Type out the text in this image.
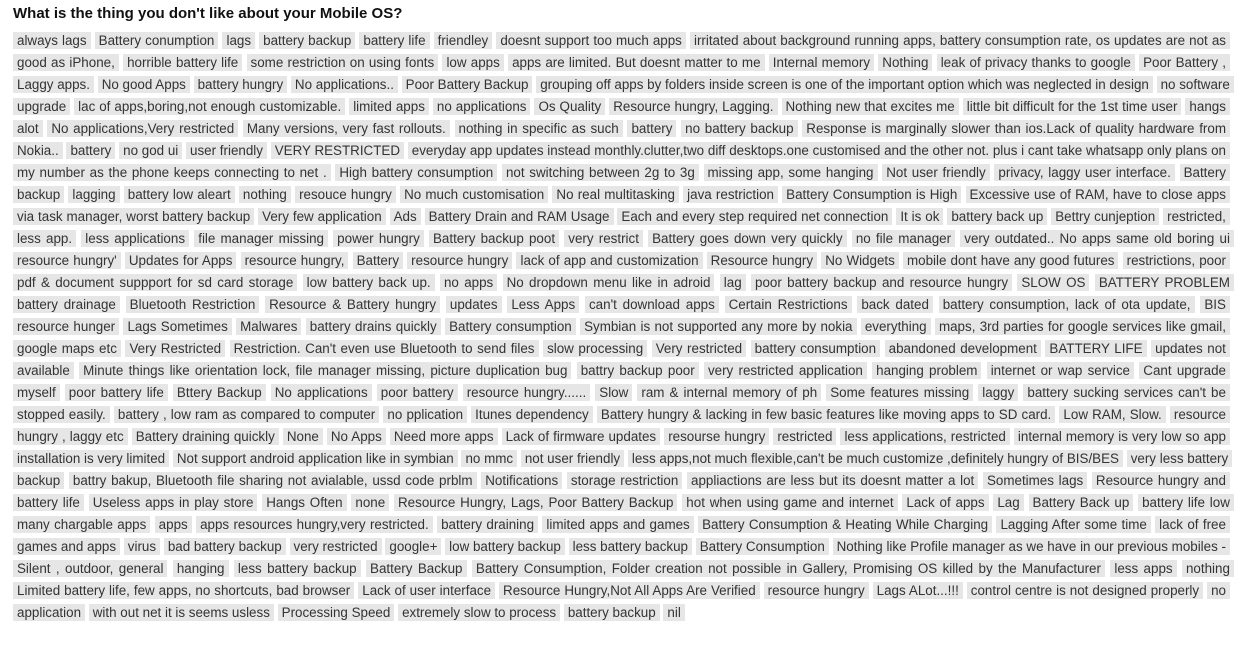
What is the thing you don't like about your Mobile OS?
always lags Battery conumption lags battery backup battery life friendley doesnt support too much apps irritated about background running apps, battery consumption rate, os updates are not as good as iPhone, horrible battery life some restriction on using fonts low apps apps are limited. But doesnt matter to me Internal memory Nothing leak of privacy thanks to google Poor Battery , Laggy apps. No good Apps battery hungry No applications.. Poor Battery Backup grouping off apps by folders inside screen is one of the important option which was neglected in design no software upgrade lac of apps,boring,not enough customizable. limited apps no applications Os Quality Resource hungry, Lagging. Nothing new that excites me little bit difficult for the 1st time user hangs alot No applications,Very restricted Many versions, very fast rollouts. nothing in specific as such battery no battery backup Response is marginally slower than ios.Lack of quality hardware from Nokia.. battery no god ui user friendly VERY RESTRICTED everyday app updates instead monthly.clutter,two diff desktops.one customised and the other not. plus i cant take whatsapp only plans on my number as the phone keeps connecting to net . High battery consumption not switching between 2g to 3g missing app, some hanging Not user friendly privacy, laggy user interface. Battery backup lagging battery low aleart nothing resouce hungry No much customisation No real multitasking java restriction Battery Consumption is High Excessive use of RAM, have to close apps via task manager, worst battery backup Very few application Ads Battery Drain and RAM Usage Each and every step required net connection It is ok battery back up Bettry cunjeption restricted, less app. less applications file manager missing power hungry Battery backup poot very restrict Battery goes down very quickly no file manager very outdated.. No apps same old boring ui resource hungry' Updates for Apps resource hungry, Battery resource hungry lack of app and customization Resource hungry No Widgets mobile dont have any good futures restrictions, poor pdf & document suppport for sd card storage low battery back up. no apps No dropdown menu like in adroid lag poor battery backup and resource hungry SLOW OS BATTERY PROBLEM battery drainage Bluetooth Restriction Resource & Battery hungry updates Less Apps can't download apps Certain Restrictions back dated battery consumption, lack of ota update, BIS resource hunger Lags Sometimes Malwares battery drains quickly Battery consumption Symbian is not supported any more by nokia everything maps, 3rd parties for google services like gmail, google maps etc Very Restricted Restriction. Can't even use Bluetooth to send files slow processing Very restricted battery consumption abandoned development BATTERY LIFE updates not available Minute things like orientation lock, file manager missing, picture duplication bug battry backup poor very restricted application hanging problem internet or wap service Cant upgrade myself poor battery life Bttery Backup No applications poor battery resource hungry...... Slow ram & internal memory of ph Some features missing laggy battery sucking services can't be stopped easily. battery , low ram as compared to computer no pplication Itunes dependency Battery hungry & lacking in few basic features like moving apps to SD card. Low RAM, Slow. resource hungry , laggy etc Battery draining quickly None No Apps Need more apps Lack of firmware updates resourse hungry restricted less applications, restricted internal memory is very low so app installation is very limited Not support android application like in symbian no mmc not user friendly less apps,not much flexible,can't be much customize ,definitely hungry of BIS/BES very less battery backup battry bakup, Bluetooth file sharing not avialable, ussd code prblm Notifications storage restriction appliactions are less but its doesnt matter a lot Sometimes lags Resource hungry and battery life Useless apps in play store Hangs Often none Resource Hungry, Lags, Poor Battery Backup hot when using game and internet Lack of apps Lag Battery Back up battery life low many chargable apps apps apps resources hungry,very restricted. battery draining limited apps and games Battery Consumption & Heating While Charging Lagging After some time lack of free games and apps virus bad battery backup very restricted google+ low battery backup less battery backup Battery Consumption Nothing like Profile manager as we have in our previous mobiles - Silent , outdoor, general hanging less battery backup Battery Backup Battery Consumption, Folder creation not possible in Gallery, Promising OS killed by the Manufacturer less apps nothing Limited battery life, few apps, no shortcuts, bad browser Lack of user interface Resource Hungry,Not All Apps Are Verified resource hungry Lags ALot...!!! control centre is not designed properly no application with out net it is seems usless Processing Speed extremely slow to process battery backup nil
